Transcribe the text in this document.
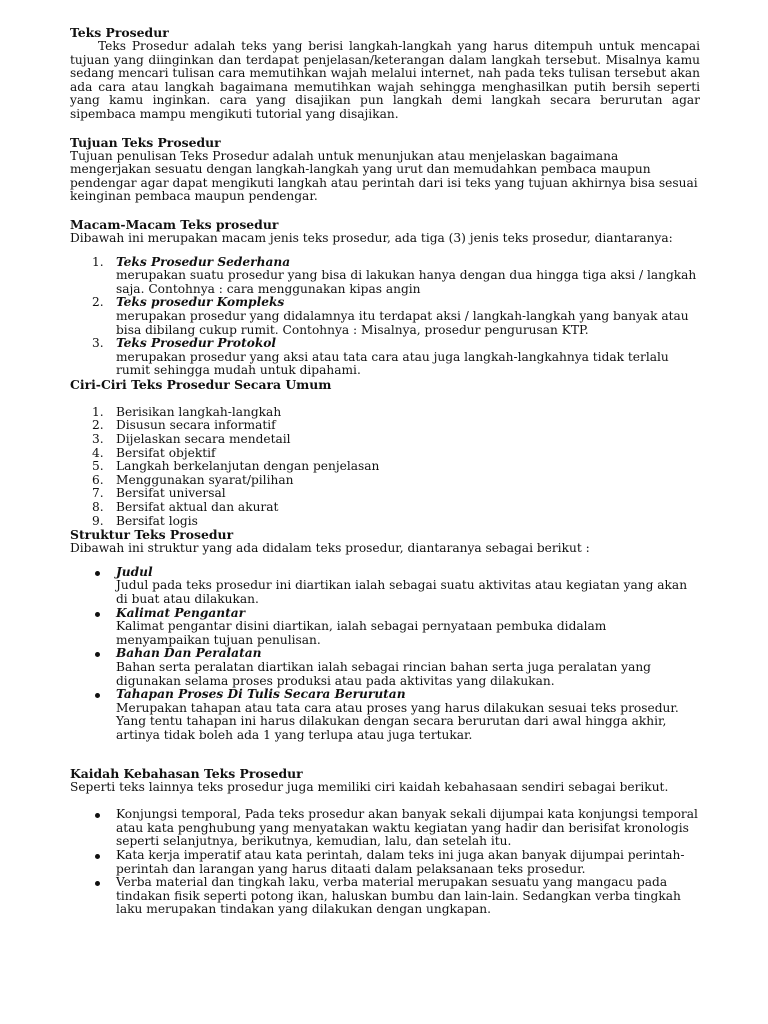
Teks Prosedur

Teks Prosedur adalah teks yang berisi langkah-langkah yang harus ditempuh untuk mencapai tujuan yang diinginkan dan terdapat penjelasan/keterangan dalam langkah tersebut. Misalnya kamu sedang mencari tulisan cara memutihkan wajah melalui internet, nah pada teks tulisan tersebut akan ada cara atau langkah bagaimana memutihkan wajah sehingga menghasilkan putih bersih seperti yang kamu inginkan. cara yang disajikan pun langkah demi langkah secara berurutan agar sipembaca mampu mengikuti tutorial yang disajikan.

Tujuan Teks Prosedur

Tujuan penulisan Teks Prosedur adalah untuk menunjukan atau menjelaskan bagaimana mengerjakan sesuatu dengan langkah-langkah yang urut dan memudahkan pembaca maupun pendengar agar dapat mengikuti langkah atau perintah dari isi teks yang tujuan akhirnya bisa sesuai keinginan pembaca maupun pendengar.

Macam-Macam Teks prosedur

Dibawah ini merupakan macam jenis teks prosedur, ada tiga (3) jenis teks prosedur, diantaranya:

1. Teks Prosedur Sederhana
merupakan suatu prosedur yang bisa di lakukan hanya dengan dua hingga tiga aksi / langkah saja. Contohnya : cara menggunakan kipas angin
2. Teks prosedur Kompleks
merupakan prosedur yang didalamnya itu terdapat aksi / langkah-langkah yang banyak atau bisa dibilang cukup rumit. Contohnya : Misalnya, prosedur pengurusan KTP.
3. Teks Prosedur Protokol
merupakan prosedur yang aksi atau tata cara atau juga langkah-langkahnya tidak terlalu rumit sehingga mudah untuk dipahami.
Ciri-Ciri Teks Prosedur Secara Umum
1. Berisikan langkah-langkah
2. Disusun secara informatif
3. Dijelaskan secara mendetail
4. Bersifat objektif
5. Langkah berkelanjutan dengan penjelasan
6. Menggunakan syarat/pilihan
7. Bersifat universal
8. Bersifat aktual dan akurat
9. Bersifat logis
Struktur Teks Prosedur

Dibawah ini struktur yang ada didalam teks prosedur, diantaranya sebagai berikut :

Judul
Judul pada teks prosedur ini diartikan ialah sebagai suatu aktivitas atau kegiatan yang akan di buat atau dilakukan.
Kalimat Pengantar
Kalimat pengantar disini diartikan, ialah sebagai pernyataan pembuka didalam menyampaikan tujuan penulisan.
Bahan Dan Peralatan
Bahan serta peralatan diartikan ialah sebagai rincian bahan serta juga peralatan yang digunakan selama proses produksi atau pada aktivitas yang dilakukan.
Tahapan Proses Di Tulis Secara Berurutan
Merupakan tahapan atau tata cara atau proses yang harus dilakukan sesuai teks prosedur. Yang tentu tahapan ini harus dilakukan dengan secara berurutan dari awal hingga akhir, artinya tidak boleh ada 1 yang terlupa atau juga tertukar.
Kaidah Kebahasan Teks Prosedur

Seperti teks lainnya teks prosedur juga memiliki ciri kaidah kebahasaan sendiri sebagai berikut.

Konjungsi temporal, Pada teks prosedur akan banyak sekali dijumpai kata konjungsi temporal atau kata penghubung yang menyatakan waktu kegiatan yang hadir dan berisifat kronologis seperti selanjutnya, berikutnya, kemudian, lalu, dan setelah itu.
Kata kerja imperatif atau kata perintah, dalam teks ini juga akan banyak dijumpai perintah-perintah dan larangan yang harus ditaati dalam pelaksanaan teks prosedur.
Verba material dan tingkah laku, verba material merupakan sesuatu yang mangacu pada tindakan fisik seperti potong ikan, haluskan bumbu dan lain-lain. Sedangkan verba tingkah laku merupakan tindakan yang dilakukan dengan ungkapan.
